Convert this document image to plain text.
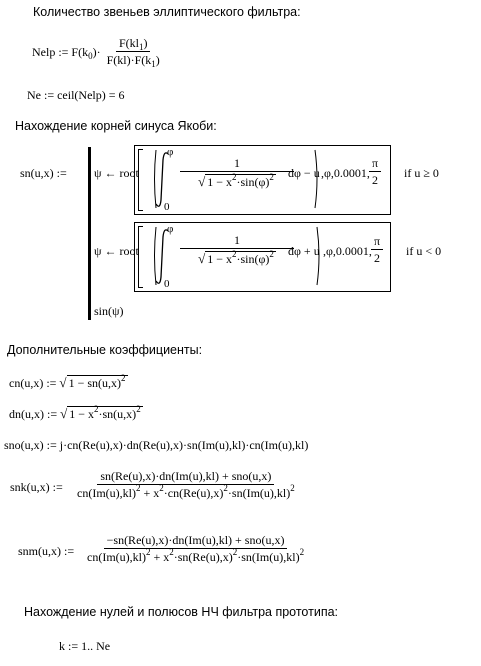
Количество звеньев эллиптического фильтра:
Nelp := $F(k_0)\cdot \frac{F(kl_1)}{F(kl)\cdot F(k_1)}$
Ne := ceil(Nelp) = 6
Нахождение корней синуса Якоби:
sn(u,x) := ψ ← root
φ
0
$\frac{1}{√ 1 - x^2\cdot\sin(\varphi)^2}$
dφ − u ,φ,0.0001, $\frac{\pi}{2}$ if u ≥ 0
ψ ← root
φ
0
$\frac{1}{√ 1 - x^2\cdot\sin(\varphi)^2}$
dφ + u ,φ,0.0001, $\frac{\pi}{2}$ if u < 0
sin(ψ)
Дополнительные коэффициенты:
cn(u,x) := √ $1 - sn(u,x)^2$
dn(u,x) := √ $1 - x^2\cdot sn(u,x)^2$
sno(u,x) := j·cn(Re(u),x)·dn(Re(u),x)·sn(Im(u),kl)·cn(Im(u),kl)
snk(u,x) := $\frac{\text{sn(Re(u),x)·dn(Im(u),kl) + sno(u,x)}}{cn(Im(u),kl)^2 + x^2\cdot cn(Re(u),x)^2\cdot sn(Im(u),kl)^2}$
snm(u,x) := $\frac{\text{−sn(Re(u),x)·dn(Im(u),kl) + sno(u,x)}}{cn(Im(u),kl)^2 + x^2\cdot sn(Re(u),x)^2\cdot sn(Im(u),kl)^2}$
Нахождение нулей и полюсов НЧ фильтра прототипа:
k := 1.. Ne
